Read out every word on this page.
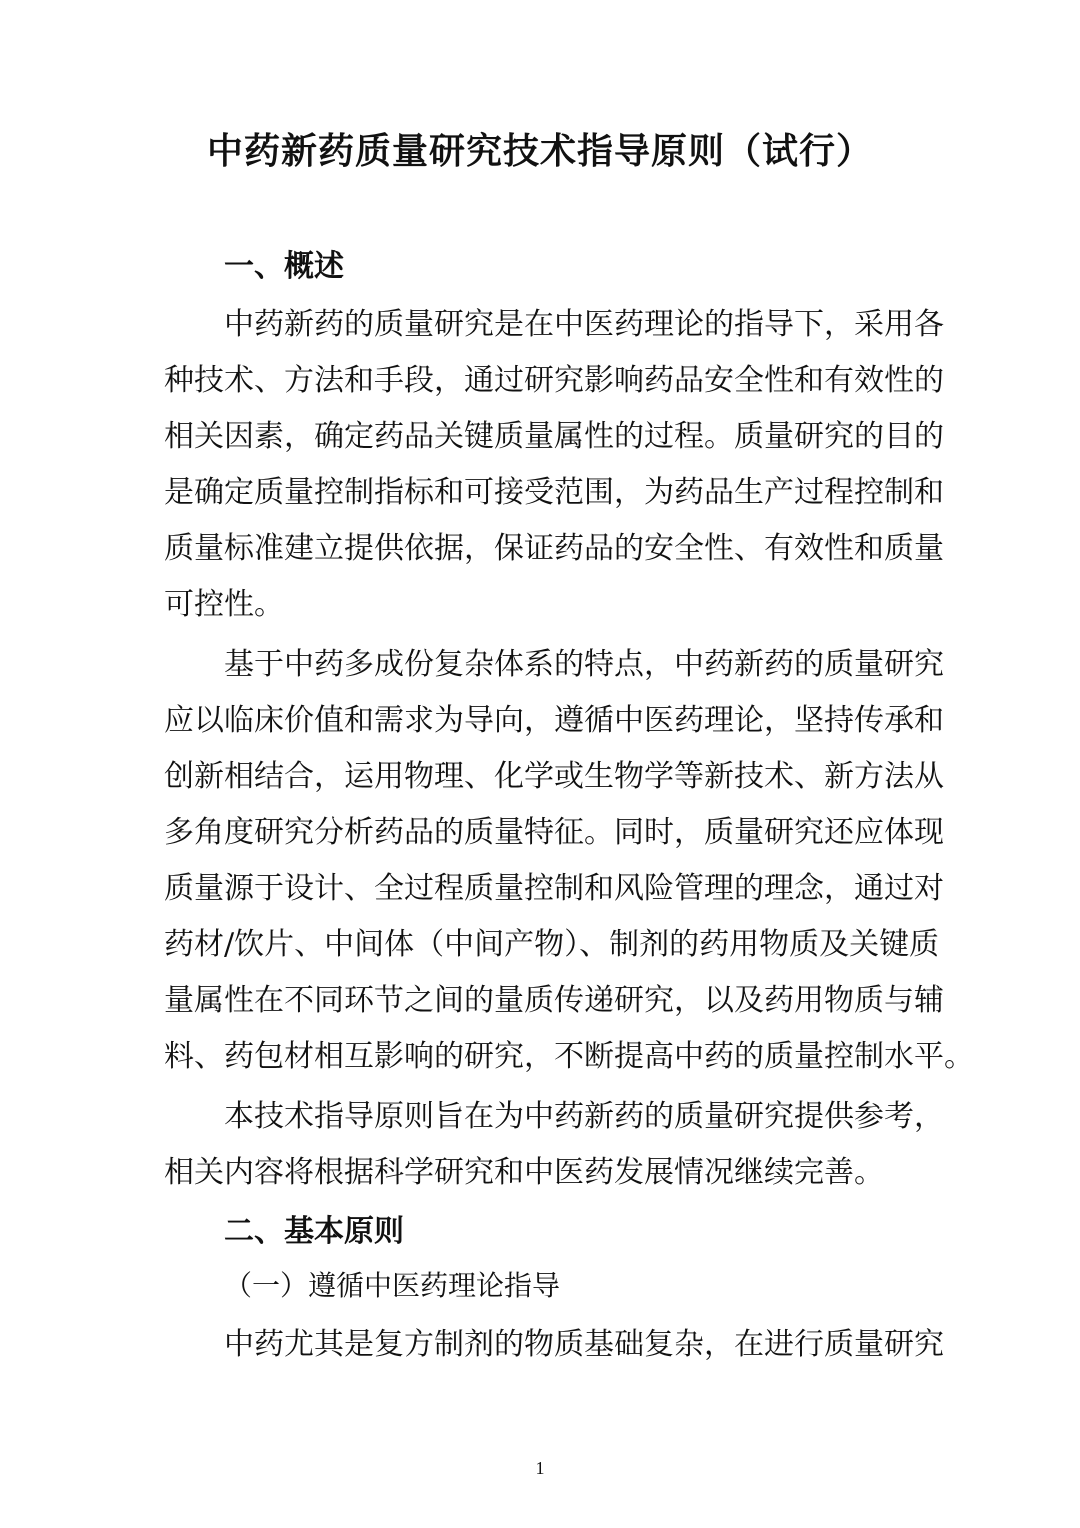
中药新药质量研究技术指导原则（试行）
一、概述
中药新药的质量研究是在中医药理论的指导下，采用各
种技术、方法和手段，通过研究影响药品安全性和有效性的
相关因素，确定药品关键质量属性的过程。质量研究的目的
是确定质量控制指标和可接受范围，为药品生产过程控制和
质量标准建立提供依据，保证药品的安全性、有效性和质量
可控性。
基于中药多成份复杂体系的特点，中药新药的质量研究
应以临床价值和需求为导向，遵循中医药理论，坚持传承和
创新相结合，运用物理、化学或生物学等新技术、新方法从
多角度研究分析药品的质量特征。同时，质量研究还应体现
质量源于设计、全过程质量控制和风险管理的理念，通过对
药材/饮片、中间体（中间产物）、制剂的药用物质及关键质
量属性在不同环节之间的量质传递研究，以及药用物质与辅
料、药包材相互影响的研究，不断提高中药的质量控制水平。
本技术指导原则旨在为中药新药的质量研究提供参考，
相关内容将根据科学研究和中医药发展情况继续完善。
二、基本原则
（一）遵循中医药理论指导
中药尤其是复方制剂的物质基础复杂，在进行质量研究
1
